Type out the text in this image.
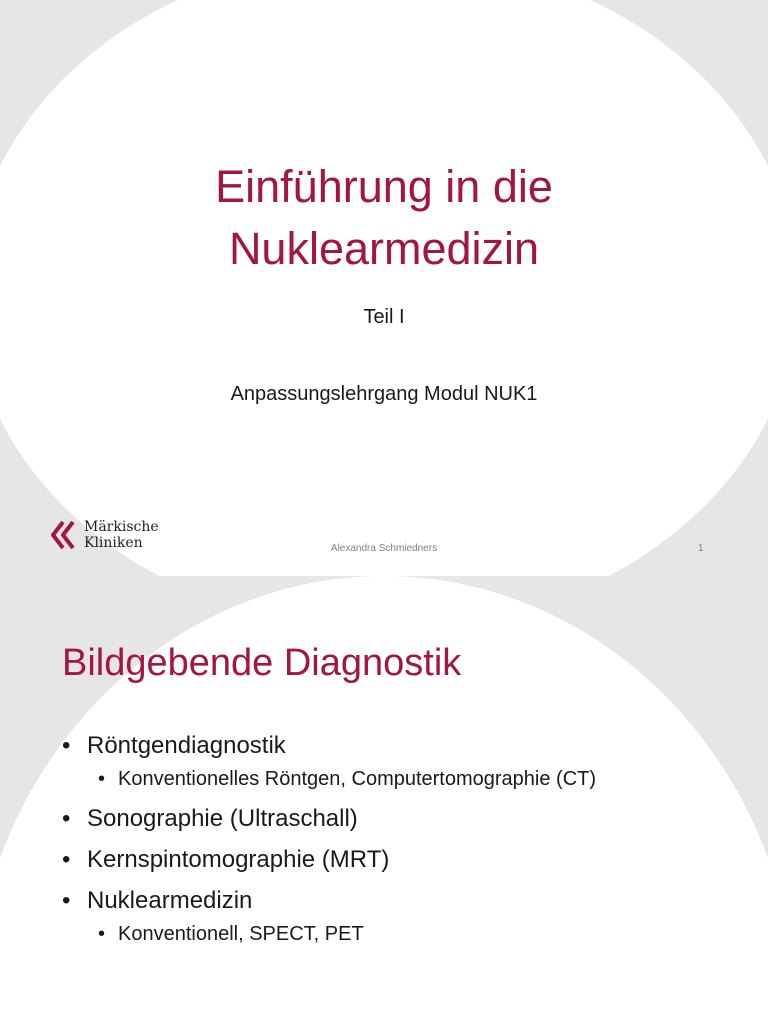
Einführung in die
Nuklearmedizin
Teil I
Anpassungslehrgang Modul NUK1
Märkische
Kliniken	Alexandra Schmiedners	1
Bildgebende Diagnostik
• Röntgendiagnostik
• Konventionelles Röntgen, Computertomographie (CT)
• Sonographie (Ultraschall)
• Kernspintomographie (MRT)
• Nuklearmedizin
• Konventionell, SPECT, PET
